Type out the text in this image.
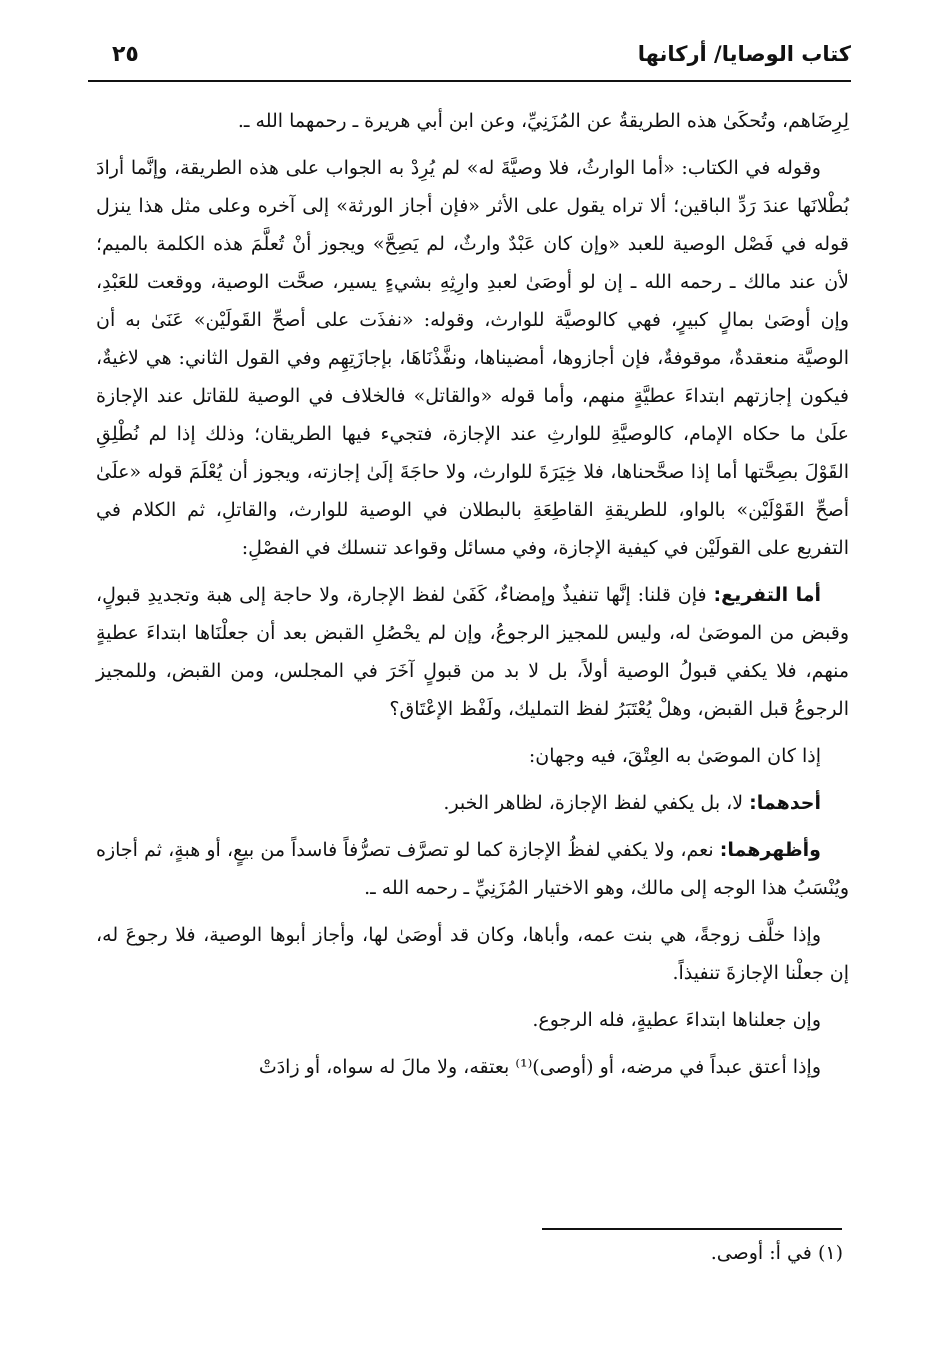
كتاب الوصايا/ أركانها
٢٥

لِرِضَاهم، وتُحكَىٰ هذه الطريقةُ عن المُزَنِيِّ، وعن ابن أبي هريرة ـ رحمهما الله ـ.

وقوله في الكتاب: «أما الوارثُ، فلا وصيَّةَ له» لم يُرِدْ به الجواب على هذه الطريقة، وإنَّما أرادَ بُطْلانَها عندَ رَدِّ الباقين؛ ألا تراه يقول على الأثر «فإن أجاز الورثة» إلى آخره وعلى مثل هذا ينزل قوله في فَصْل الوصية للعبد «وإن كان عَبْدٌ وارثٌ، لم يَصِحَّ» ويجوز أنْ تُعلَّمَ هذه الكلمة بالميم؛ لأن عند مالك ـ رحمه الله ـ إن لو أوصَىٰ لعبدِ وارِثِهِ بشيءٍ يسير، صحَّت الوصية، ووقعت للعَبْدِ، وإن أوصَىٰ بمالٍ كبيرٍ، فهي كالوصيَّة للوارث، وقوله: «نفذَت على أصحِّ القَولَيْن» عَنَىٰ به أن الوصيَّة منعقدةٌ، موقوفةٌ، فإن أجازوها، أمضيناها، ونفَّذْنَاهَا، بإجازَتِهِم وفي القول الثاني: هي لاغيةٌ، فيكون إجازتهم ابتداءَ عطيَّةٍ منهم، وأما قوله «والقاتل» فالخلاف في الوصية للقاتل عند الإجازة علَىٰ ما حكاه الإمام، كالوصيَّةِ للوارثِ عند الإجازة، فتجيء فيها الطريقان؛ وذلك إذا لم نُطْلِقِ القَوْلَ بصِحَّتها أما إذا صحَّحناها، فلا خِيَرَةَ للوارث، ولا حاجَةَ إلَىٰ إجازته، ويجوز أن يُعْلَمَ قوله «علَىٰ أصحِّ القَوْلَيْن» بالواو، للطريقةِ القاطِعَةِ بالبطلان في الوصية للوارث، والقاتلِ، ثم الكلام في التفريع على القولَيْن في كيفية الإجازة، وفي مسائل وقواعد تنسلك في الفصْلِ:

أما التفريع: فإن قلنا: إنَّها تنفيذٌ وإمضاءٌ، كَفَىٰ لفظ الإجارة، ولا حاجة إلى هبة وتجديدِ قبولٍ، وقبض من الموصَىٰ له، وليس للمجيز الرجوعُ، وإن لم يحْصُلِ القبض بعد أن جعلْنَاها ابتداءَ عطيةٍ منهم، فلا يكفي قبولُ الوصية أولاً، بل لا بد من قبولٍ آخَرَ في المجلس، ومن القبض، وللمجيز الرجوعُ قبل القبض، وهلْ يُعْتَبَرُ لفظ التمليك، ولَفْظ الإعْتَاق؟

إذا كان الموصَىٰ به العِتْقَ، فيه وجهان:

أحدهما: لا، بل يكفي لفظ الإجازة، لظاهر الخبر.

وأظهرهما: نعم، ولا يكفي لفظُ الإجازة كما لو تصرَّف تصرُّفاً فاسداً من بيعٍ، أو هبةٍ، ثم أجازه ويُنْسَبُ هذا الوجه إلى مالك، وهو الاختيار المُزَنِيِّ ـ رحمه الله ـ.

وإذا خلَّف زوجةً، هي بنت عمه، وأباها، وكان قد أوصَىٰ لها، وأجاز أبوها الوصية، فلا رجوعَ له، إن جعلْنا الإجازةَ تنفيذاً.

وإن جعلناها ابتداءَ عطيةٍ، فله الرجوع.

وإذا أعتق عبداً في مرضه، أو (أوصى)⁽¹⁾ بعتقه، ولا مالَ له سواه، أو زادَتْ

(١) في أ: أوصى.
